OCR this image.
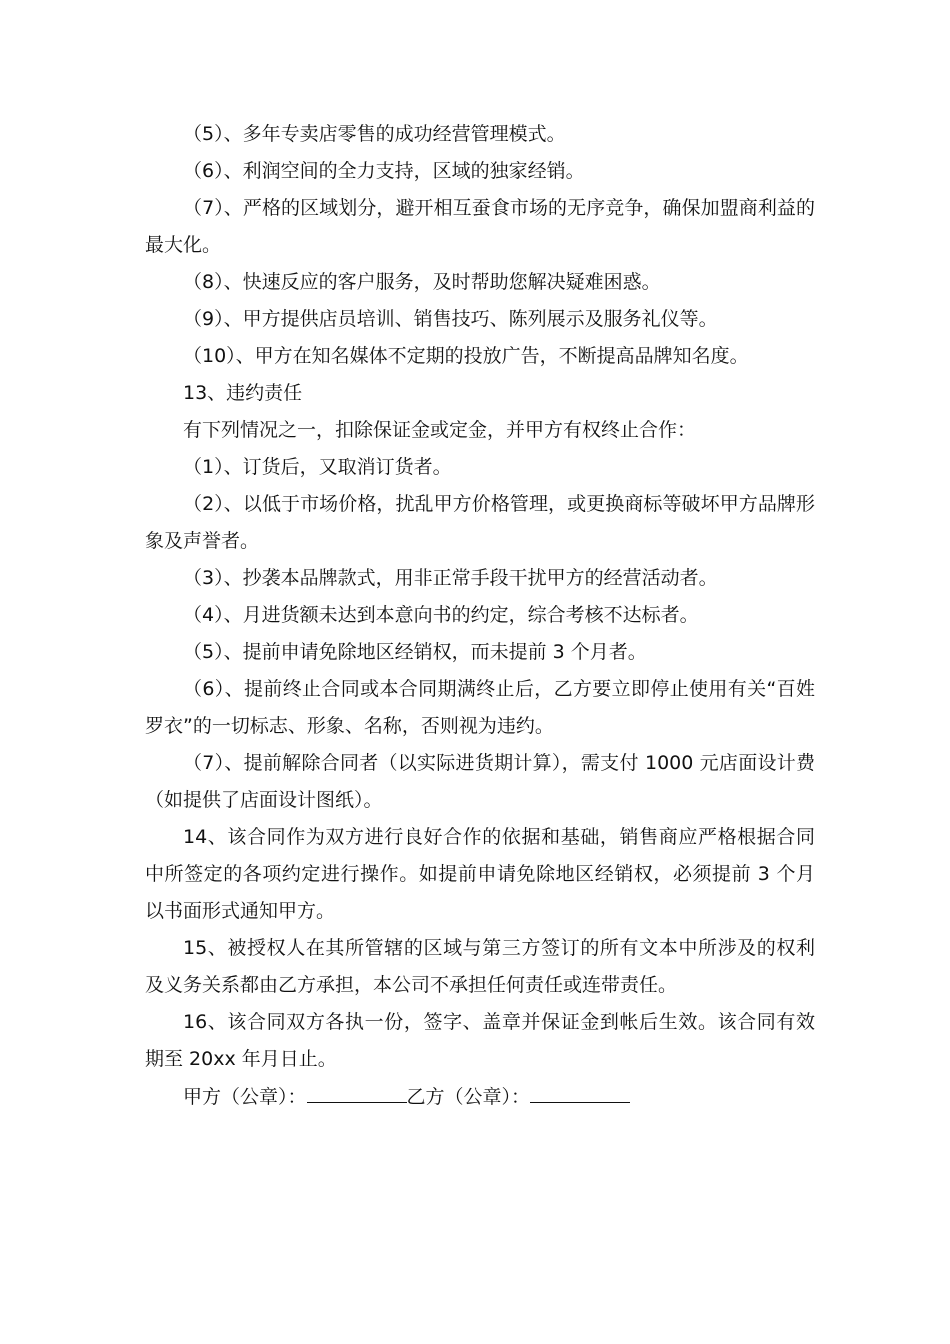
（5）、多年专卖店零售的成功经营管理模式。

（6）、利润空间的全力支持，区域的独家经销。

（7）、严格的区域划分，避开相互蚕食市场的无序竞争，确保加盟商利益的最大化。

（8）、快速反应的客户服务，及时帮助您解决疑难困惑。

（9）、甲方提供店员培训、销售技巧、陈列展示及服务礼仪等。

（10）、甲方在知名媒体不定期的投放广告，不断提高品牌知名度。

13、违约责任

有下列情况之一，扣除保证金或定金，并甲方有权终止合作：

（1）、订货后，又取消订货者。

（2）、以低于市场价格，扰乱甲方价格管理，或更换商标等破坏甲方品牌形象及声誉者。

（3）、抄袭本品牌款式，用非正常手段干扰甲方的经营活动者。

（4）、月进货额未达到本意向书的约定，综合考核不达标者。

（5）、提前申请免除地区经销权，而未提前 3 个月者。

（6）、提前终止合同或本合同期满终止后，乙方要立即停止使用有关“百姓罗衣”的一切标志、形象、名称，否则视为违约。

（7）、提前解除合同者（以实际进货期计算），需支付 1000 元店面设计费（如提供了店面设计图纸）。

14、该合同作为双方进行良好合作的依据和基础，销售商应严格根据合同中所签定的各项约定进行操作。如提前申请免除地区经销权，必须提前 3 个月以书面形式通知甲方。

15、被授权人在其所管辖的区域与第三方签订的所有文本中所涉及的权利及义务关系都由乙方承担，本公司不承担任何责任或连带责任。

16、该合同双方各执一份，签字、盖章并保证金到帐后生效。该合同有效期至 20xx 年月日止。

甲方（公章）：	乙方（公章）：
